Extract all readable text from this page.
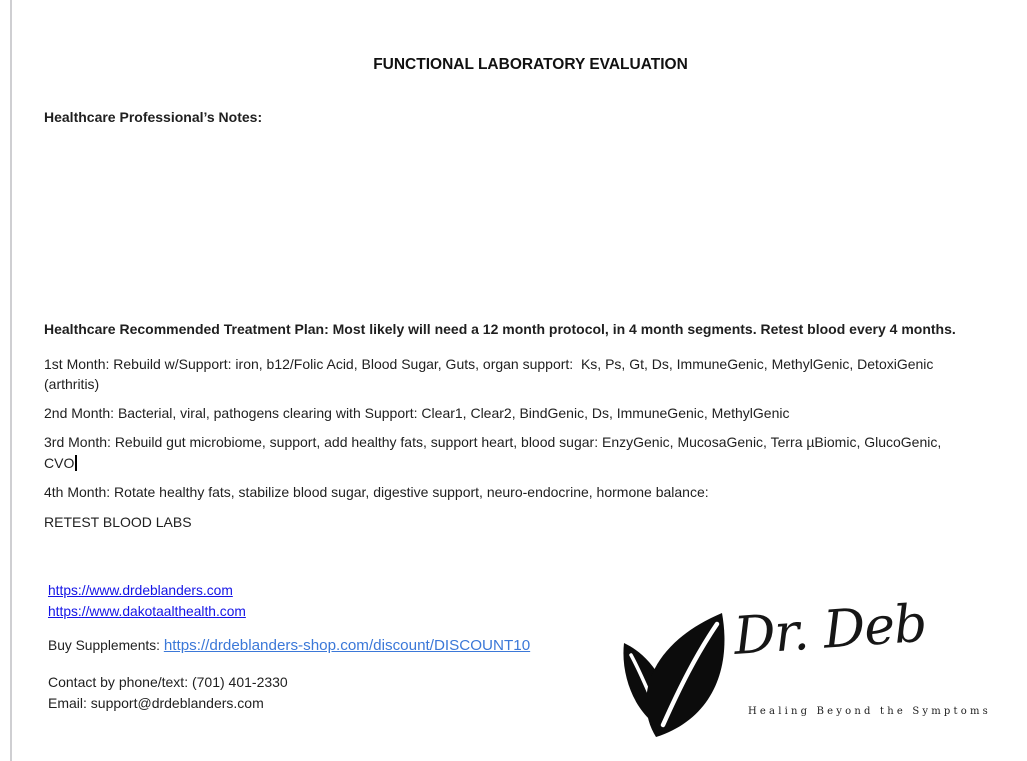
FUNCTIONAL LABORATORY EVALUATION
Healthcare Professional’s Notes:
Healthcare Recommended Treatment Plan: Most likely will need a 12 month protocol, in 4 month segments. Retest blood every 4 months.
1st Month: Rebuild w/Support: iron, b12/Folic Acid, Blood Sugar, Guts, organ support:  Ks, Ps, Gt, Ds, ImmuneGenic, MethylGenic, DetoxiGenic
(arthritis)
2nd Month: Bacterial, viral, pathogens clearing with Support: Clear1, Clear2, BindGenic, Ds, ImmuneGenic, MethylGenic
3rd Month: Rebuild gut microbiome, support, add healthy fats, support heart, blood sugar: EnzyGenic, MucosaGenic, Terra µBiomic, GlucoGenic,
CVO
4th Month: Rotate healthy fats, stabilize blood sugar, digestive support, neuro-endocrine, hormone balance:
RETEST BLOOD LABS
https://www.drdeblanders.com
https://www.dakotaalthealth.com
Buy Supplements: https://drdeblanders-shop.com/discount/DISCOUNT10
Contact by phone/text: (701) 401-2330
Email: support@drdeblanders.com
Dr. Deb
Healing Beyond the Symptoms
